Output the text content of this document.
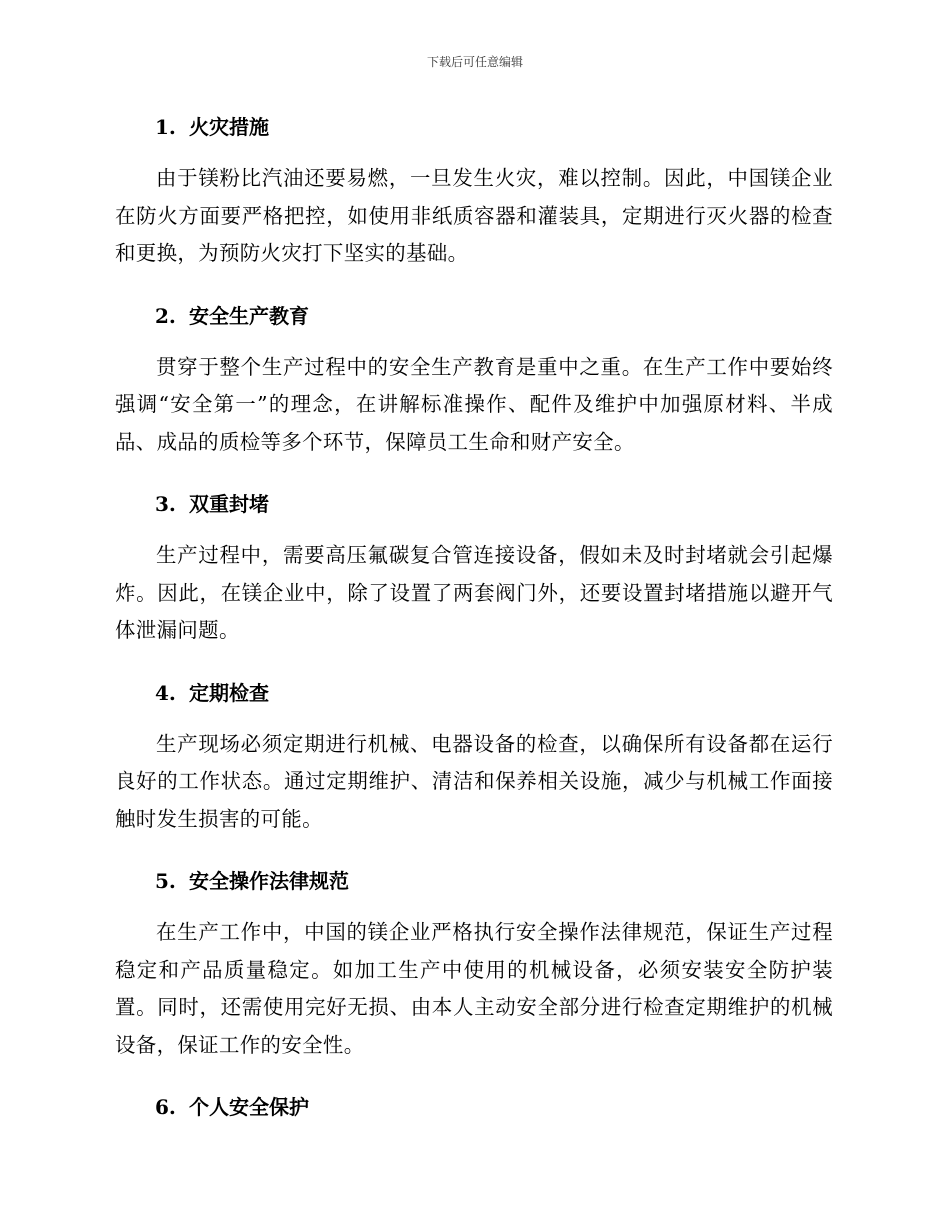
下载后可任意编辑
1. 火灾措施

由于镁粉比汽油还要易燃，一旦发生火灾，难以控制。因此，中国镁企业在防火方面要严格把控，如使用非纸质容器和灌装具，定期进行灭火器的检查和更换，为预防火灾打下坚实的基础。

2. 安全生产教育

贯穿于整个生产过程中的安全生产教育是重中之重。在生产工作中要始终强调“安全第一”的理念，在讲解标准操作、配件及维护中加强原材料、半成品、成品的质检等多个环节，保障员工生命和财产安全。

3. 双重封堵

生产过程中，需要高压氟碳复合管连接设备，假如未及时封堵就会引起爆炸。因此，在镁企业中，除了设置了两套阀门外，还要设置封堵措施以避开气体泄漏问题。

4. 定期检查

生产现场必须定期进行机械、电器设备的检查，以确保所有设备都在运行良好的工作状态。通过定期维护、清洁和保养相关设施，减少与机械工作面接触时发生损害的可能。

5. 安全操作法律规范

在生产工作中，中国的镁企业严格执行安全操作法律规范，保证生产过程稳定和产品质量稳定。如加工生产中使用的机械设备，必须安装安全防护装置。同时，还需使用完好无损、由本人主动安全部分进行检查定期维护的机械设备，保证工作的安全性。

6. 个人安全保护
